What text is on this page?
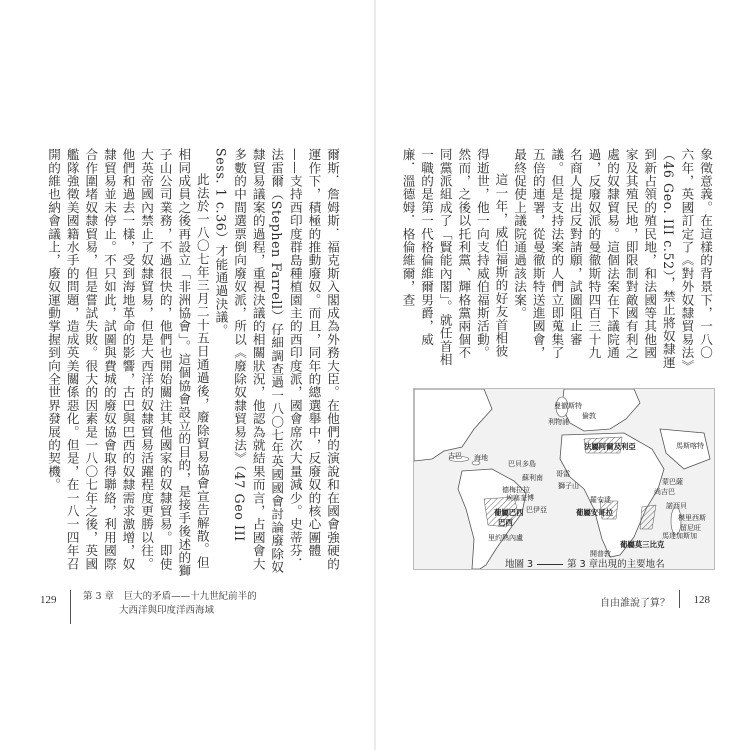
爾斯．詹姆斯．福克斯入閣成為外務大臣。在他們的演說和在國會強硬的運作下，積極的推動廢奴。而且，同年的總選舉中，反廢奴的核心團體——支持西印度群島種植園主的西印度派，國會席次大量減少。史蒂芬．法雷爾（Stephen Farrell）仔細調查過一八〇七年英國國會討論廢除奴隸貿易議案的過程，重視決議的相關狀況，他認為就結果而言，占國會大多數的中間選票倒向廢奴派，所以《廢除奴隸貿易法》（47 Geo III Sess. 1 c.36）才能通過決議。

此法於一八〇七年三月二十五日通過後，廢除貿易協會宣告解散。但相同成員之後再設立「非洲協會」。這個協會設立的目的，是接手後述的獅子山公司業務，不過很快的，他們也開始關注其他國家的奴隸貿易。即使大英帝國內禁止了奴隸貿易，但是大西洋的奴隸貿易活躍程度更勝以往。他們和過去一樣，受到海地革命的影響，古巴與巴西的奴隸需求激增，奴隸貿易並未停止。不只如此，試圖與費城的廢奴協會取得聯絡，利用國際合作圍堵奴隸貿易，但是嘗試失敗。很大的因素是一八〇七年之後，英國艦隊強徵美國籍水手的問題，造成英美關係惡化。但是，在一八一四年召開的維也納會議上，廢奴運動掌握到向全世界發展的契機。

129	第 3 章　巨大的矛盾——十九世紀前半的
大西洋與印度洋西海域

象徵意義。在這樣的背景下，一八〇六年，英國訂定了《對外奴隸貿易法》（46 Geo. III c.52），禁止將奴隸運到新占領的殖民地，和法國等其他國家及其殖民地，即限制對敵國有利之處的奴隸貿易。這個法案在下議院通過，反廢奴派的曼徹斯特四百三十九名商人提出反對請願，試圖阻止審議。但是支持法案的人們立即蒐集了五倍的連署，從曼徹斯特送進國會，最終促使上議院通過該法案。

這一年，威伯福斯的好友首相彼得逝世，他一向支持威伯福斯活動。然而，之後以托利黨、輝格黨兩個不同黨派組成了「賢能內閣」。就任首相一職的是第一代格倫維爾男爵，威廉．溫德姆．格倫維爾，查

曼徹斯特
利物浦
倫敦
法屬阿爾及利亞
古巴 海地
巴貝多島
德梅拉拉
埃塞奎博
蘇利南
葡屬巴西
巴西
巴伊亞
里約熱內盧
哥雷
獅子山
羅安達
葡屬安哥拉
開普敦
葡屬莫三比克
尚吉巴
蒙巴薩
模里西斯
留尼旺
馬達加斯加
諾西貝
馬斯喀特
地圖 3	第 3 章出現的主要地名
自由誰說了算？ 128
